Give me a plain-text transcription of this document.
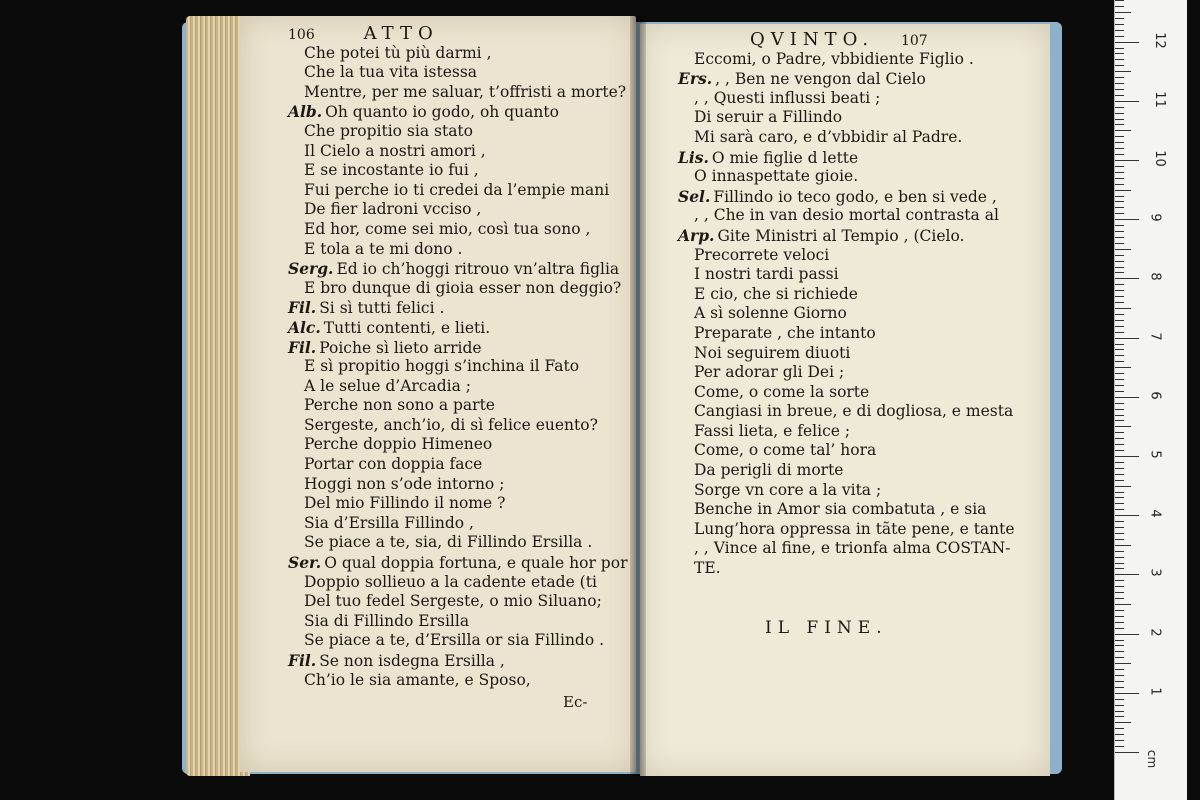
106	ATTO
Che potei tù più darmi ,
Che la tua vita istessa
Mentre, per me saluar, t’offristi a morte?
Alb. Oh quanto io godo, oh quanto
Che propitio sia stato
Il Cielo a nostri amori ,
E se incostante io fui ,
Fui perche io ti credei da l’empie mani
De fier ladroni vcciso ,
Ed hor, come sei mio, così tua sono ,
E tola a te mi dono .
Serg. Ed io ch’hoggi ritrouo vn’altra figlia
E bro dunque di gioia esser non deggio?
Fil. Si sì tutti felici .
Alc. Tutti contenti, e lieti.
Fil. Poiche sì lieto arride
E sì propitio hoggi s’inchina il Fato
A le selue d’Arcadia ;
Perche non sono a parte
Sergeste, anch’io, di sì felice euento?
Perche doppio Himeneo
Portar con doppia face
Hoggi non s’ode intorno ;
Del mio Fillindo il nome ?
Sia d’Ersilla Fillindo ,
Se piace a te, sia, di Fillindo Ersilla .
Ser. O qual doppia fortuna, e quale hor por
Doppio sollieuo a la cadente etade (ti
Del tuo fedel Sergeste, o mio Siluano;
Sia di Fillindo Ersilla
Se piace a te, d’Ersilla or sia Fillindo .
Fil. Se non isdegna Ersilla ,
Ch’io le sia amante, e Sposo,
Ec-
QVINTO. 107
Eccomi, o Padre, vbbidiente Figlio .
Ers. , , Ben ne vengon dal Cielo
, , Questi influssi beati ;
Di seruir a Fillindo
Mi sarà caro, e d’vbbidir al Padre.
Lis. O mie figlie d lette
O innaspettate gioie.
Sel. Fillindo io teco godo, e ben si vede ,
, , Che in van desio mortal contrasta al
Arp. Gite Ministri al Tempio , (Cielo.
Precorrete veloci
I nostri tardi passi
E cio, che si richiede
A sì solenne Giorno
Preparate , che intanto
Noi seguirem diuoti
Per adorar gli Dei ;
Come, o come la sorte
Cangiasi in breue, e di dogliosa, e mesta
Fassi lieta, e felice ;
Come, o come tal’ hora
Da perigli di morte
Sorge vn core a la vita ;
Benche in Amor sia combatuta , e sia
Lung’hora oppressa in tãte pene, e tante
, , Vince al fine, e trionfa alma COSTAN-
TE.
IL FINE.
cm
1
2
3
4
5
6
7
8
9
10
11
12
